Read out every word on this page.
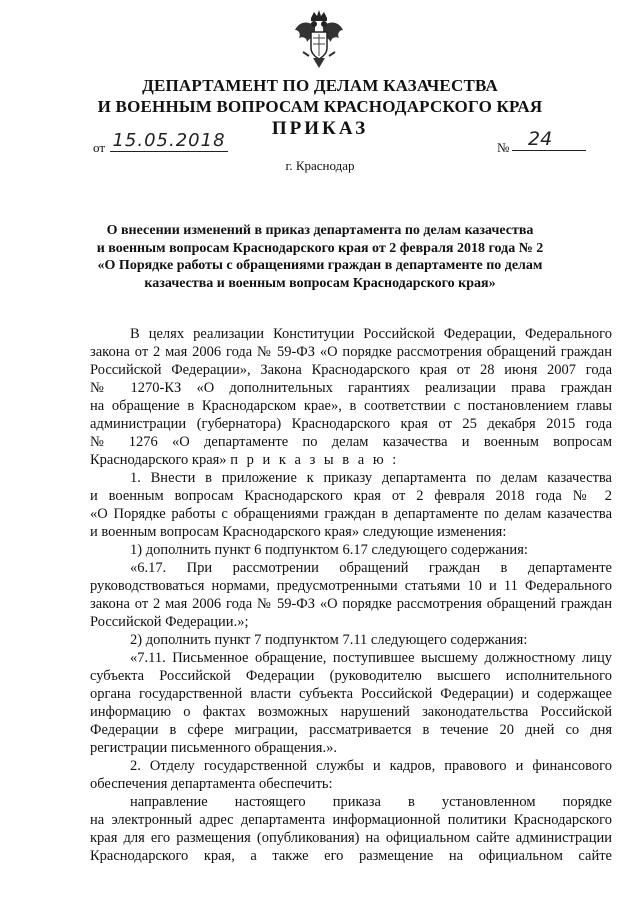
ДЕПАРТАМЕНТ ПО ДЕЛАМ КАЗАЧЕСТВА
И ВОЕННЫМ ВОПРОСАМ КРАСНОДАРСКОГО КРАЯ
ПРИКАЗ
от 15.05.2018	№ 24
г. Краснодар
О внесении изменений в приказ департамента по делам казачества
и военным вопросам Краснодарского края от 2 февраля 2018 года № 2
«О Порядке работы с обращениями граждан в департаменте по делам
казачества и военным вопросам Краснодарского края»
В целях реализации Конституции Российской Федерации, Федерального
закона от 2 мая 2006 года № 59-ФЗ «О порядке рассмотрения обращений граждан
Российской Федерации», Закона Краснодарского края от 28 июня 2007 года
№ 1270-КЗ «О дополнительных гарантиях реализации права граждан
на обращение в Краснодарском крае», в соответствии с постановлением главы
администрации (губернатора) Краснодарского края от 25 декабря 2015 года
№ 1276 «О департаменте по делам казачества и военным вопросам
Краснодарского края» п р и к а з ы в а ю :
1. Внести в приложение к приказу департамента по делам казачества
и военным вопросам Краснодарского края от 2 февраля 2018 года № 2
«О Порядке работы с обращениями граждан в департаменте по делам казачества
и военным вопросам Краснодарского края» следующие изменения:
1) дополнить пункт 6 подпунктом 6.17 следующего содержания:
«6.17. При рассмотрении обращений граждан в департаменте
руководствоваться нормами, предусмотренными статьями 10 и 11 Федерального
закона от 2 мая 2006 года № 59-ФЗ «О порядке рассмотрения обращений граждан
Российской Федерации.»;
2) дополнить пункт 7 подпунктом 7.11 следующего содержания:
«7.11. Письменное обращение, поступившее высшему должностному лицу
субъекта Российской Федерации (руководителю высшего исполнительного
органа государственной власти субъекта Российской Федерации) и содержащее
информацию о фактах возможных нарушений законодательства Российской
Федерации в сфере миграции, рассматривается в течение 20 дней со дня
регистрации письменного обращения.».
2. Отделу государственной службы и кадров, правового и финансового
обеспечения департамента обеспечить:
направление настоящего приказа в установленном порядке
на электронный адрес департамента информационной политики Краснодарского
края для его размещения (опубликования) на официальном сайте администрации
Краснодарского края, а также его размещение на официальном сайте
